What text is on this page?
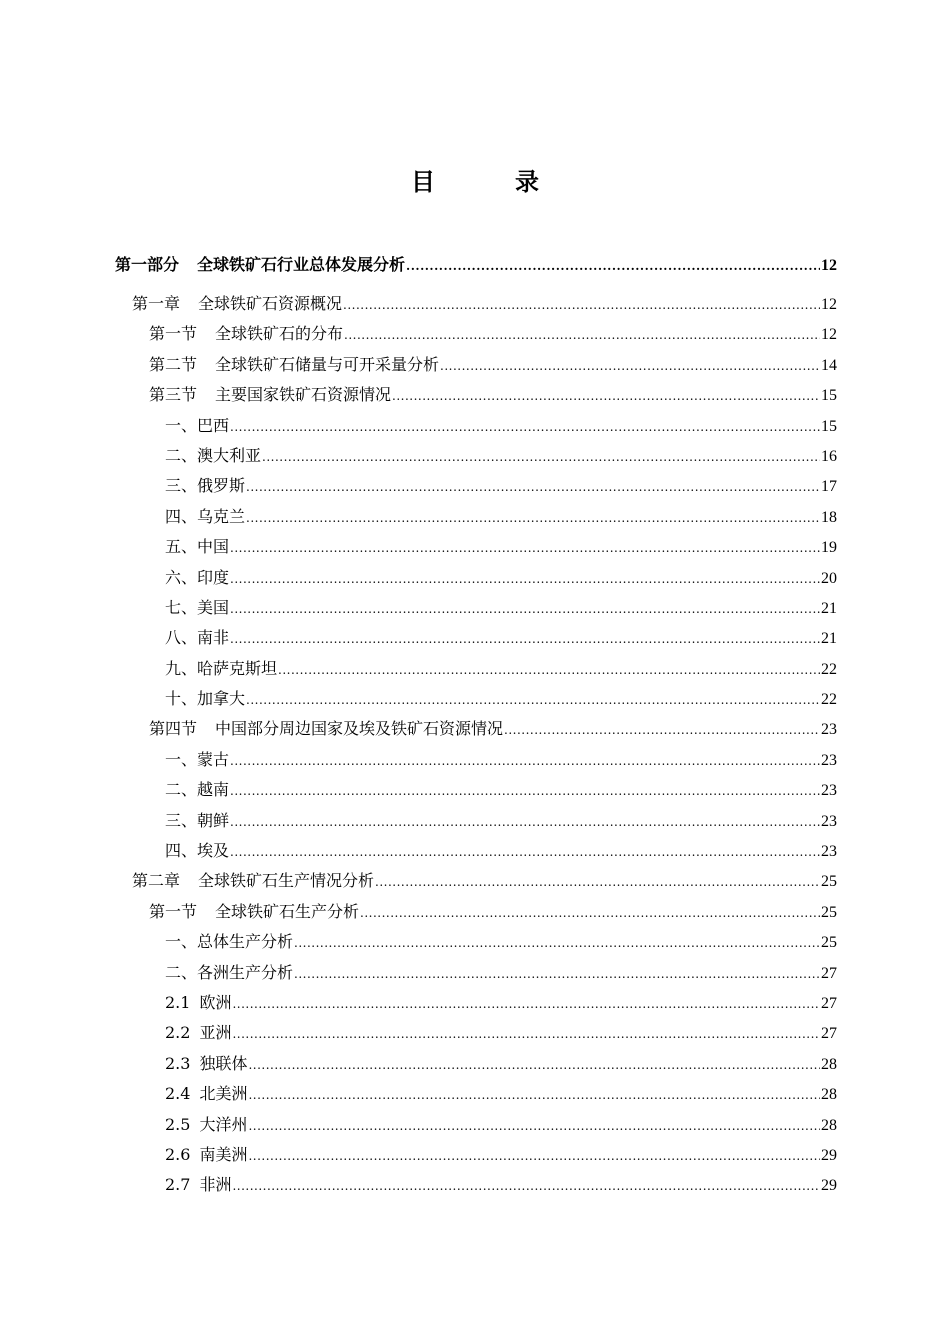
目　录
第一部分 全球铁矿石行业总体发展分析 .....	12
第一章 全球铁矿石资源概况 .....	12
第一节 全球铁矿石的分布 .....	12
第二节 全球铁矿石储量与可开采量分析 .....	14
第三节 主要国家铁矿石资源情况 .....	15
一、巴西 .....	15
二、澳大利亚 .....	16
三、俄罗斯 .....	17
四、乌克兰 .....	18
五、中国 .....	19
六、印度 .....	20
七、美国 .....	21
八、南非 .....	21
九、哈萨克斯坦 .....	22
十、加拿大 .....	22
第四节 中国部分周边国家及埃及铁矿石资源情况 .....	23
一、蒙古 .....	23
二、越南 .....	23
三、朝鲜 .....	23
四、埃及 .....	23
第二章 全球铁矿石生产情况分析 .....	25
第一节 全球铁矿石生产分析 .....	25
一、总体生产分析 .....	25
二、各洲生产分析 .....	27
2.1 欧洲 .....	27
2.2 亚洲 .....	27
2.3 独联体 .....	28
2.4 北美洲 .....	28
2.5 大洋州 .....	28
2.6 南美洲 .....	29
2.7 非洲 .....	29
